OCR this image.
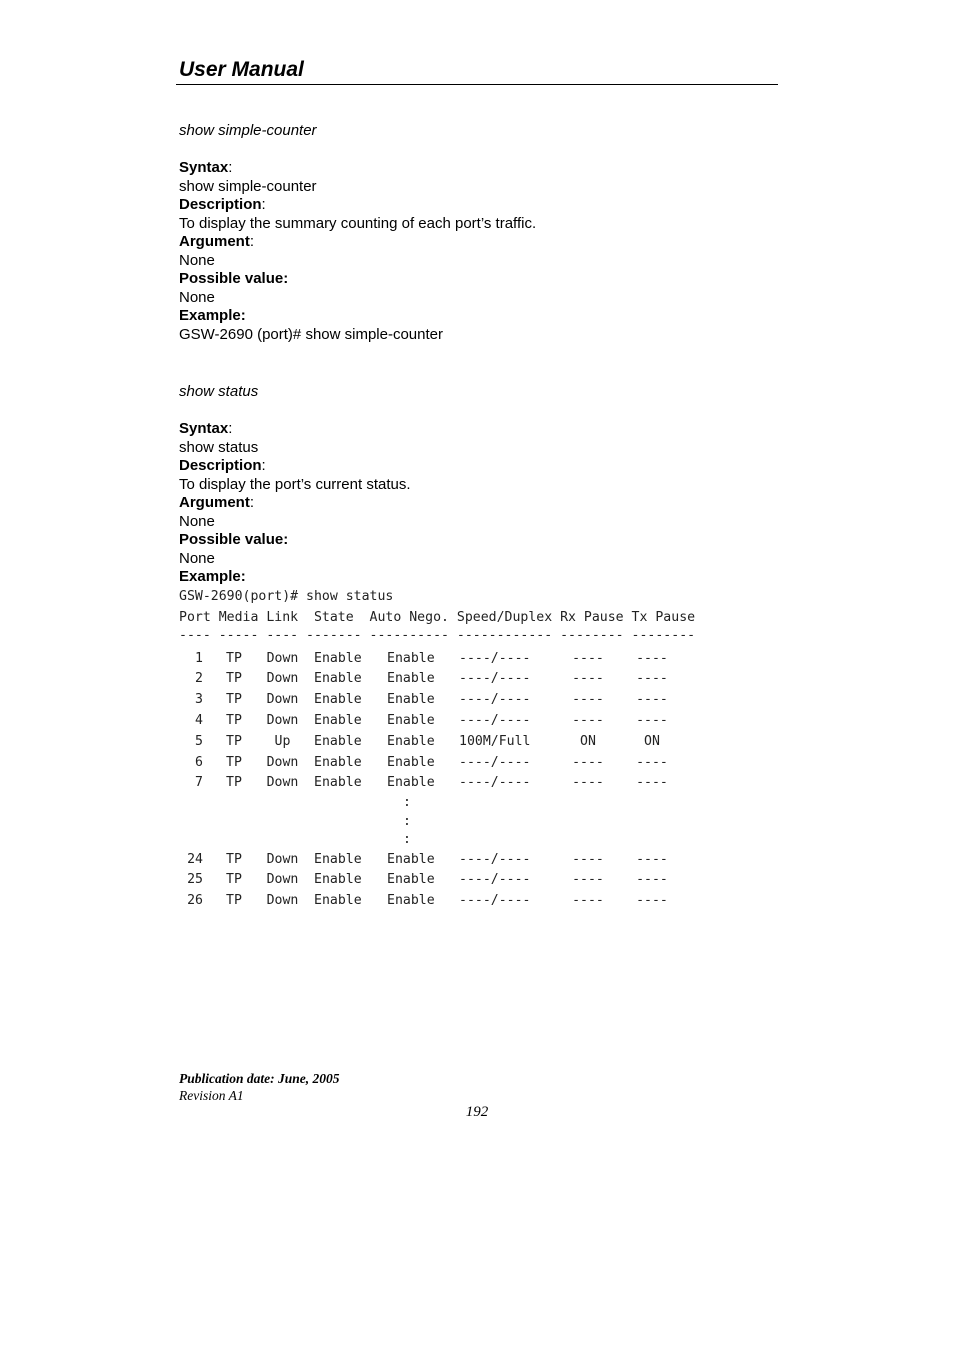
User Manual
show simple-counter
Syntax:
show simple-counter
Description:
To display the summary counting of each port’s traffic.
Argument:
None
Possible value:
None
Example:
GSW-2690 (port)# show simple-counter
show status
Syntax:
show status
Description:
To display the port’s current status.
Argument:
None
Possible value:
None
Example:
GSW-2690(port)# show status
Port Media Link  State  Auto Nego. Speed/Duplex Rx Pause Tx Pause
---- ----- ---- ------- ---------- ------------ -------- --------
1 TP Down Enable	Enable	----/----	---- ----
2 TP Down Enable	Enable	----/----	---- ----
3 TP Down Enable	Enable	----/----	---- ----
4 TP Down Enable	Enable	----/----	---- ----
5 TP	Up	Enable	Enable	100M/Full	ON	ON
6 TP Down Enable	Enable	----/----	---- ----
7 TP Down Enable	Enable	----/----	---- ----
:
:
:
24 TP Down Enable	Enable	----/----	---- ----
25 TP Down Enable	Enable	----/----	---- ----
26 TP Down Enable	Enable	----/----	---- ----
Publication date: June, 2005
Revision A1
192
